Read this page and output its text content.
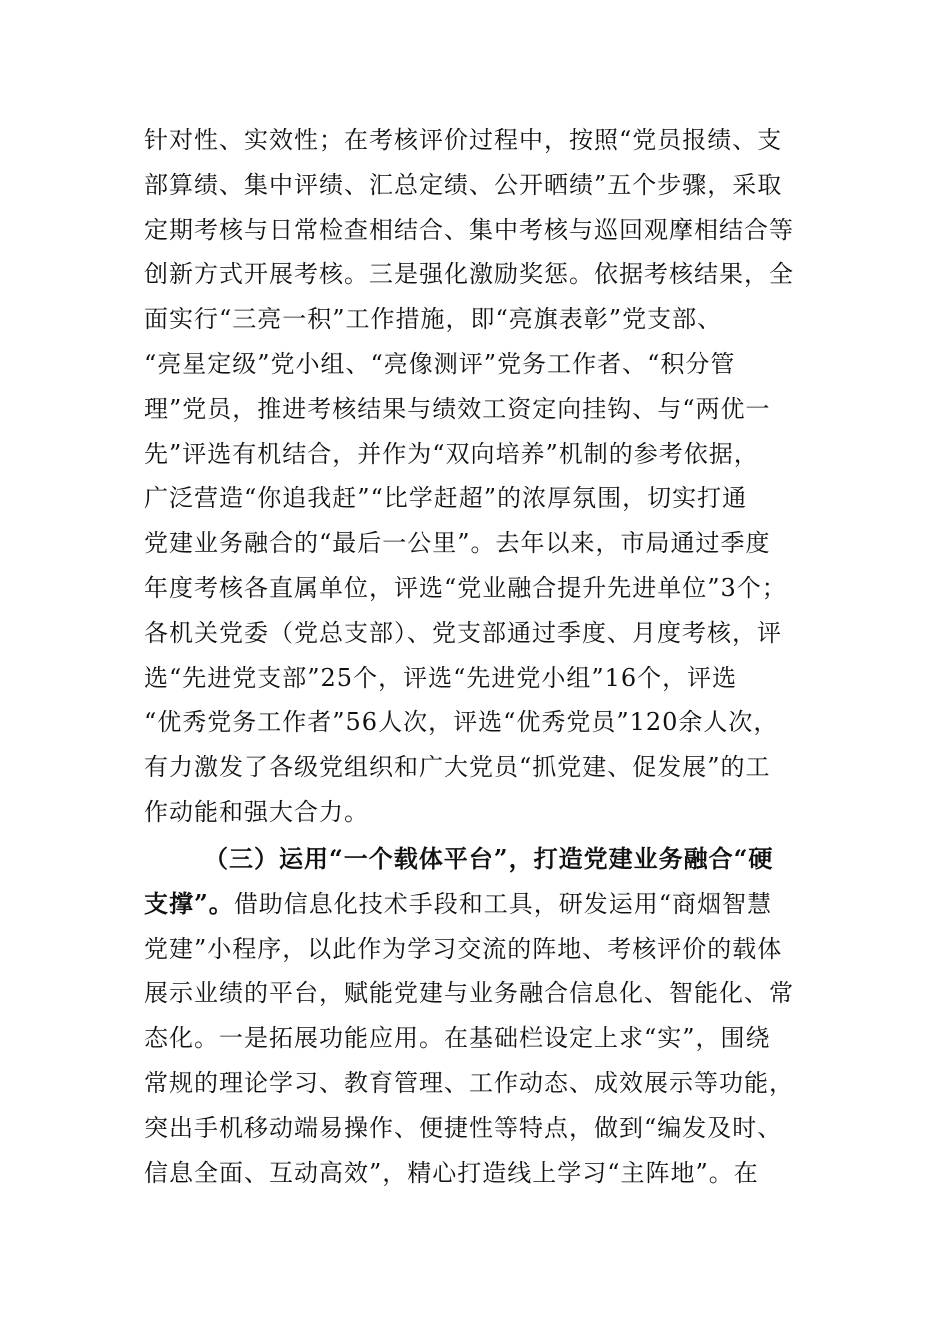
针对性、实效性；在考核评价过程中，按照“党员报绩、支
部算绩、集中评绩、汇总定绩、公开晒绩”五个步骤，采取
定期考核与日常检查相结合、集中考核与巡回观摩相结合等
创新方式开展考核。三是强化激励奖惩。依据考核结果，全
面实行“三亮一积”工作措施，即“亮旗表彰”党支部、
“亮星定级”党小组、“亮像测评”党务工作者、“积分管
理”党员，推进考核结果与绩效工资定向挂钩、与“两优一
先”评选有机结合，并作为“双向培养”机制的参考依据，
广泛营造“你追我赶”“比学赶超”的浓厚氛围，切实打通
党建业务融合的“最后一公里”。去年以来，市局通过季度
年度考核各直属单位，评选“党业融合提升先进单位”3个；
各机关党委（党总支部）、党支部通过季度、月度考核，评
选“先进党支部”25个，评选“先进党小组”16个，评选
“优秀党务工作者”56人次，评选“优秀党员”120余人次，
有力激发了各级党组织和广大党员“抓党建、促发展”的工
作动能和强大合力。
（三）运用“一个载体平台”，打造党建业务融合“硬
支撑”。借助信息化技术手段和工具，研发运用“商烟智慧
党建”小程序，以此作为学习交流的阵地、考核评价的载体
展示业绩的平台，赋能党建与业务融合信息化、智能化、常
态化。一是拓展功能应用。在基础栏设定上求“实”，围绕
常规的理论学习、教育管理、工作动态、成效展示等功能，
突出手机移动端易操作、便捷性等特点，做到“编发及时、
信息全面、互动高效”，精心打造线上学习“主阵地”。在
